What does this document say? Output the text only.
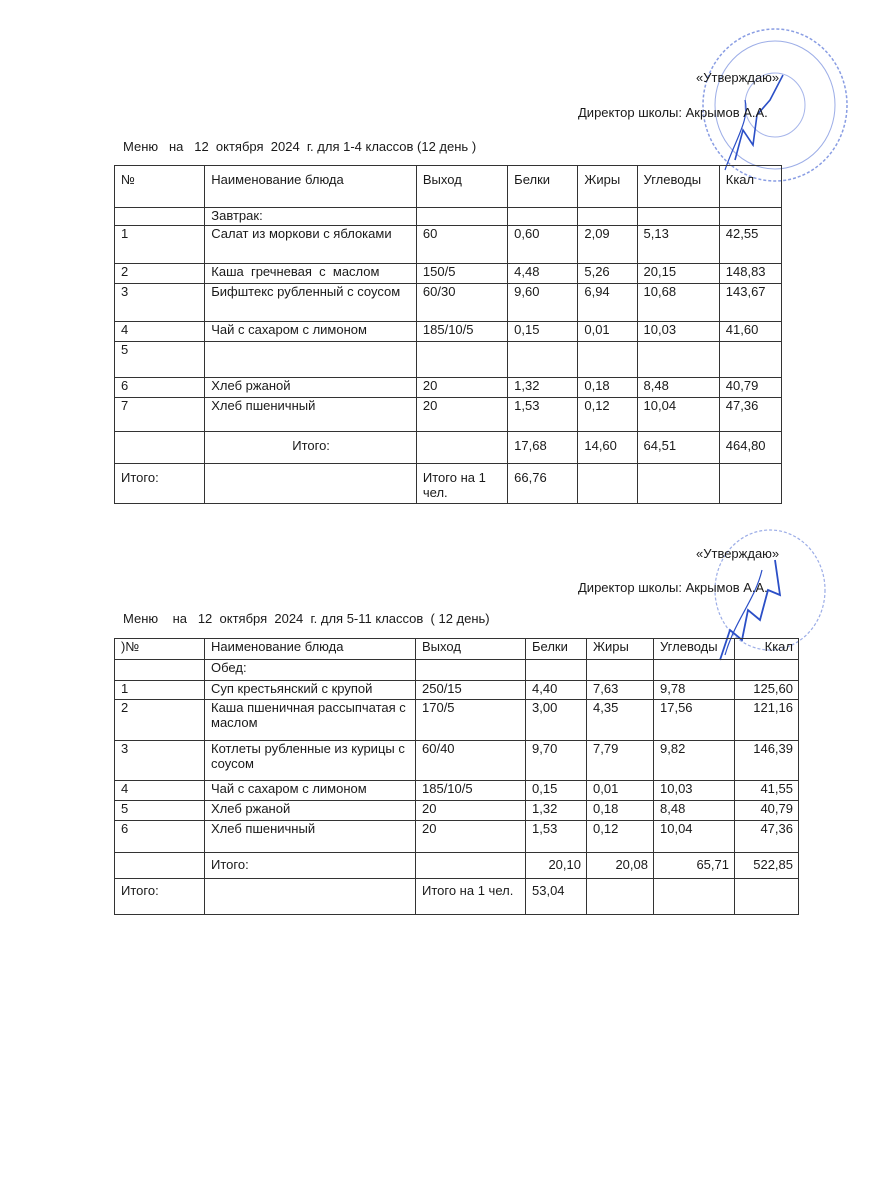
«Утверждаю»
Директор школы: Акрымов А.А.
Меню   на   12  октября  2024  г. для 1-4 классов (12 день )
№	Наименование блюда	Выход	Белки	Жиры	Углеводы	Ккал
	Завтрак:					
1	Салат из моркови с яблоками	60	0,60	2,09	5,13	42,55
2	Каша  гречневая  с  маслом	150/5	4,48	5,26	20,15	148,83
3	Бифштекс рубленный с соусом	60/30	9,60	6,94	10,68	143,67
4	Чай с сахаром с лимоном	185/10/5	0,15	0,01	10,03	41,60
5						
6	Хлеб ржаной	20	1,32	0,18	8,48	40,79
7	Хлеб пшеничный	20	1,53	0,12	10,04	47,36
	Итого:		17,68	14,60	64,51	464,80
Итого:		Итого на 1 чел.	66,76			
«Утверждаю»
Директор школы: Акрымов А.А.
Меню    на   12  октября  2024  г. для 5-11 классов  ( 12 день)
)№	Наименование блюда	Выход	Белки	Жиры	Углеводы	Ккал
	Обед:					
1	Суп крестьянский с крупой	250/15	4,40	7,63	9,78	125,60
2	Каша пшеничная рассыпчатая с маслом	170/5	3,00	4,35	17,56	121,16
3	Котлеты рубленные из курицы с соусом	60/40	9,70	7,79	9,82	146,39
4	Чай с сахаром с лимоном	185/10/5	0,15	0,01	10,03	41,55
5	Хлеб ржаной	20	1,32	0,18	8,48	40,79
6	Хлеб пшеничный	20	1,53	0,12	10,04	47,36
	Итого:		20,10	20,08	65,71	522,85
Итого:		Итого на 1 чел.	53,04			
